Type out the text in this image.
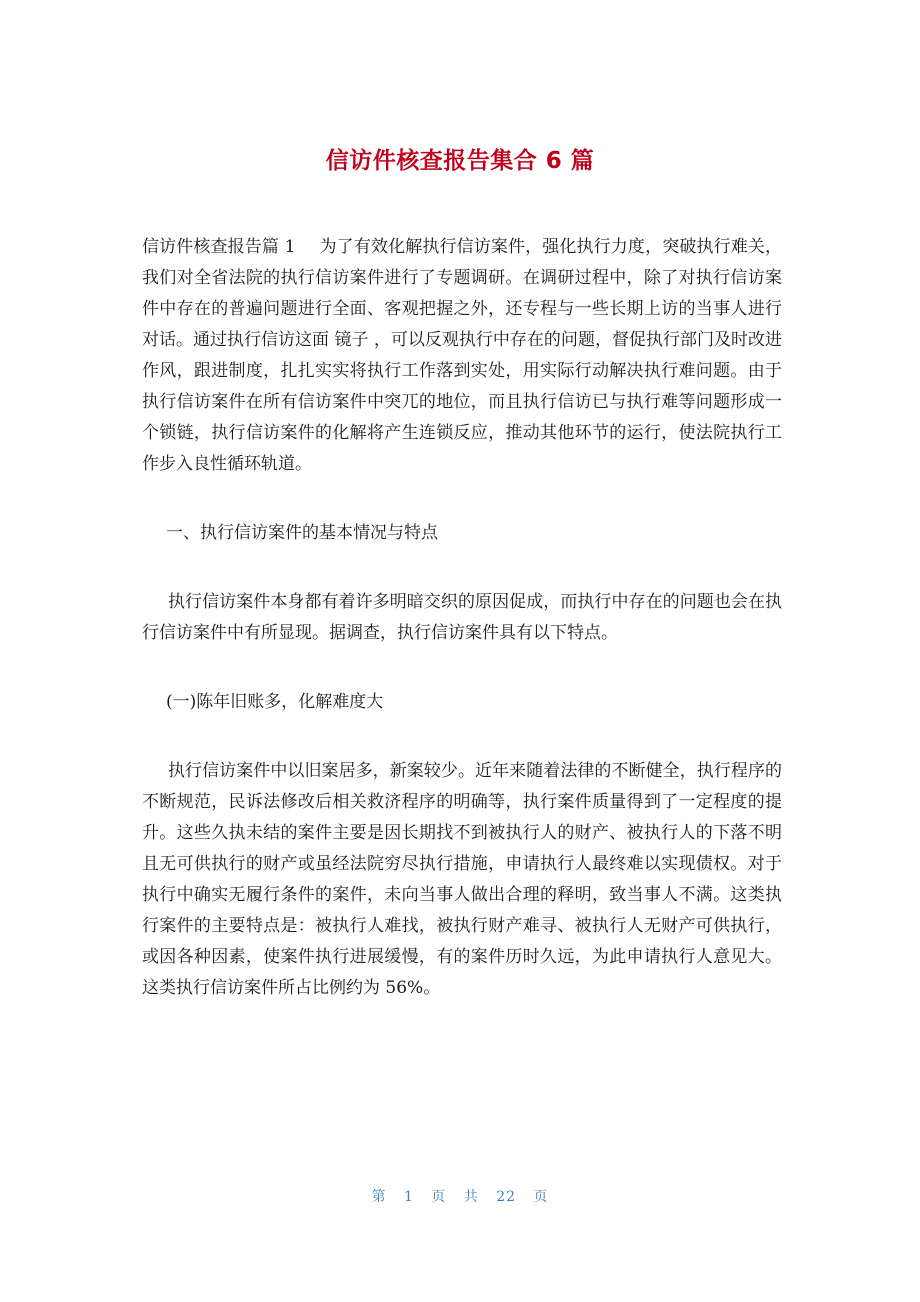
信访件核查报告集合 6 篇

信访件核查报告篇 1 为了有效化解执行信访案件，强化执行力度，突破执行难关，我们对全省法院的执行信访案件进行了专题调研。在调研过程中，除了对执行信访案件中存在的普遍问题进行全面、客观把握之外，还专程与一些长期上访的当事人进行对话。通过执行信访这面 镜子 ，可以反观执行中存在的问题，督促执行部门及时改进作风，跟进制度，扎扎实实将执行工作落到实处，用实际行动解决执行难问题。由于执行信访案件在所有信访案件中突兀的地位，而且执行信访已与执行难等问题形成一个锁链，执行信访案件的化解将产生连锁反应，推动其他环节的运行，使法院执行工作步入良性循环轨道。

一、执行信访案件的基本情况与特点

执行信访案件本身都有着许多明暗交织的原因促成，而执行中存在的问题也会在执行信访案件中有所显现。据调查，执行信访案件具有以下特点。

(一)陈年旧账多，化解难度大

执行信访案件中以旧案居多，新案较少。近年来随着法律的不断健全，执行程序的不断规范，民诉法修改后相关救济程序的明确等，执行案件质量得到了一定程度的提升。这些久执未结的案件主要是因长期找不到被执行人的财产、被执行人的下落不明且无可供执行的财产或虽经法院穷尽执行措施，申请执行人最终难以实现债权。对于执行中确实无履行条件的案件，未向当事人做出合理的释明，致当事人不满。这类执行案件的主要特点是：被执行人难找，被执行财产难寻、被执行人无财产可供执行，或因各种因素，使案件执行进展缓慢，有的案件历时久远，为此申请执行人意见大。这类执行信访案件所占比例约为 56%。

第 1 页 共 22 页
